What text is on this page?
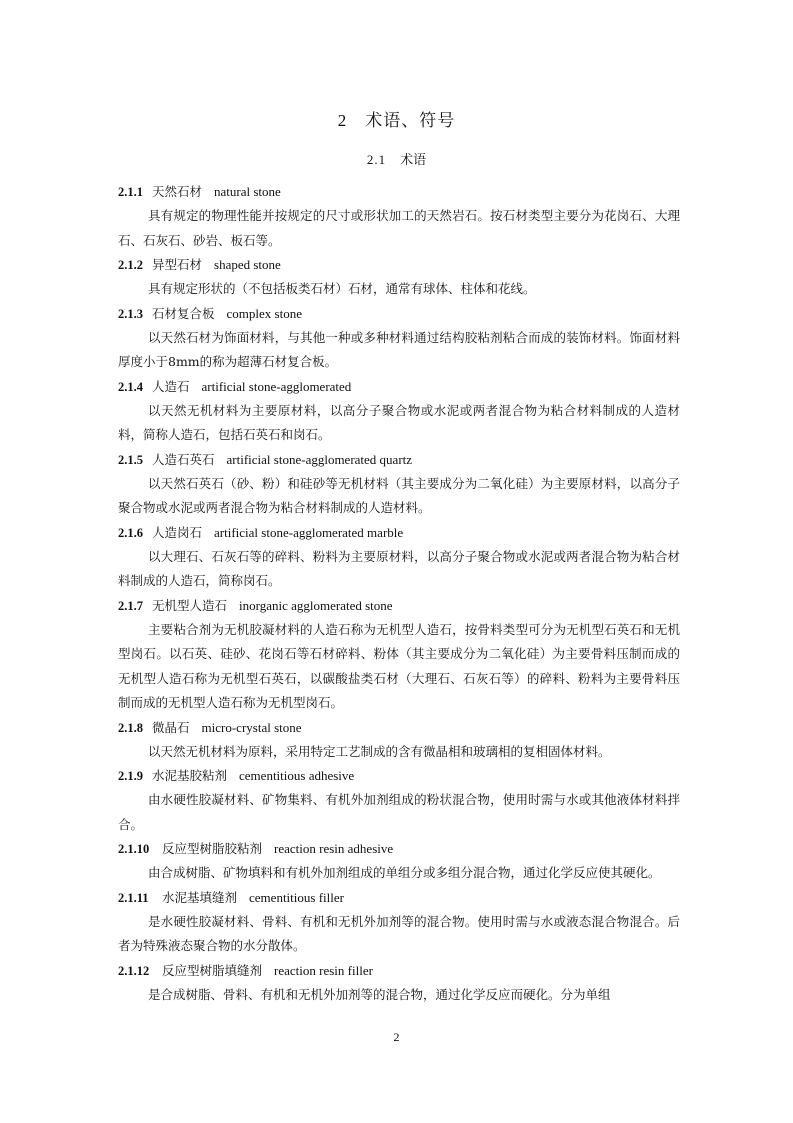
2 术语、符号
2.1 术语
2.1.1 天然石材 natural stone

具有规定的物理性能并按规定的尺寸或形状加工的天然岩石。按石材类型主要分为花岗石、大理石、石灰石、砂岩、板石等。

2.1.2 异型石材 shaped stone

具有规定形状的（不包括板类石材）石材，通常有球体、柱体和花线。

2.1.3 石材复合板 complex stone

以天然石材为饰面材料，与其他一种或多种材料通过结构胶粘剂粘合而成的装饰材料。饰面材料厚度小于8mm的称为超薄石材复合板。

2.1.4 人造石 artificial stone-agglomerated

以天然无机材料为主要原材料，以高分子聚合物或水泥或两者混合物为粘合材料制成的人造材料，简称人造石，包括石英石和岗石。

2.1.5 人造石英石 artificial stone-agglomerated quartz

以天然石英石（砂、粉）和硅砂等无机材料（其主要成分为二氧化硅）为主要原材料，以高分子聚合物或水泥或两者混合物为粘合材料制成的人造材料。

2.1.6 人造岗石 artificial stone-agglomerated marble

以大理石、石灰石等的碎料、粉料为主要原材料，以高分子聚合物或水泥或两者混合物为粘合材料制成的人造石，简称岗石。

2.1.7 无机型人造石 inorganic agglomerated stone

主要粘合剂为无机胶凝材料的人造石称为无机型人造石，按骨料类型可分为无机型石英石和无机型岗石。以石英、硅砂、花岗石等石材碎料、粉体（其主要成分为二氧化硅）为主要骨料压制而成的无机型人造石称为无机型石英石，以碳酸盐类石材（大理石、石灰石等）的碎料、粉料为主要骨料压制而成的无机型人造石称为无机型岗石。

2.1.8 微晶石 micro-crystal stone

以天然无机材料为原料，采用特定工艺制成的含有微晶相和玻璃相的复相固体材料。

2.1.9 水泥基胶粘剂 cementitious adhesive

由水硬性胶凝材料、矿物集料、有机外加剂组成的粉状混合物，使用时需与水或其他液体材料拌合。

2.1.10 反应型树脂胶粘剂 reaction resin adhesive

由合成树脂、矿物填料和有机外加剂组成的单组分或多组分混合物，通过化学反应使其硬化。

2.1.11 水泥基填缝剂 cementitious filler

是水硬性胶凝材料、骨料、有机和无机外加剂等的混合物。使用时需与水或液态混合物混合。后者为特殊液态聚合物的水分散体。

2.1.12 反应型树脂填缝剂 reaction resin filler

是合成树脂、骨料、有机和无机外加剂等的混合物，通过化学反应而硬化。分为单组

2
